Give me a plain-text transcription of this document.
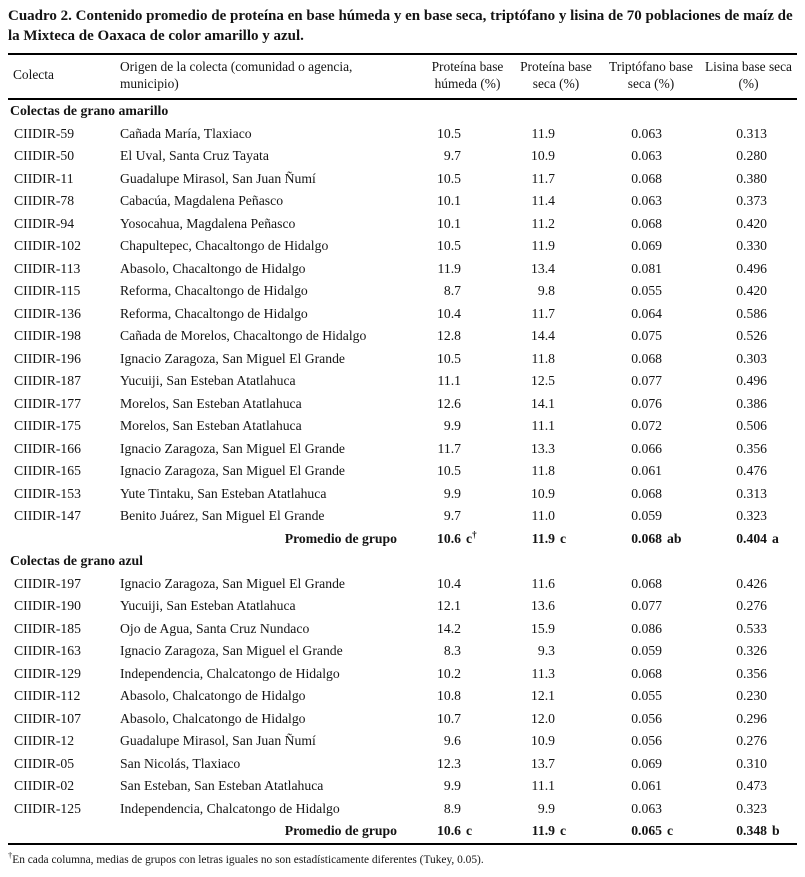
Cuadro 2. Contenido promedio de proteína en base húmeda y en base seca, triptófano y lisina de 70 poblaciones de maíz de la Mixteca de Oaxaca de color amarillo y azul.
Colecta	Origen de la colecta (comunidad o agencia, municipio)	Proteína base húmeda (%)	Proteína base seca (%)	Triptófano base seca (%)	Lisina base seca (%)
Colectas de grano amarillo					
CIIDIR-59	Cañada María, Tlaxiaco	10.5	11.9	0.063	0.313
CIIDIR-50	El Uval, Santa Cruz Tayata	9.7	10.9	0.063	0.280
CIIDIR-11	Guadalupe Mirasol, San Juan Ñumí	10.5	11.7	0.068	0.380
CIIDIR-78	Cabacúa, Magdalena Peñasco	10.1	11.4	0.063	0.373
CIIDIR-94	Yosocahua, Magdalena Peñasco	10.1	11.2	0.068	0.420
CIIDIR-102	Chapultepec, Chacaltongo de Hidalgo	10.5	11.9	0.069	0.330
CIIDIR-113	Abasolo, Chacaltongo de Hidalgo	11.9	13.4	0.081	0.496
CIIDIR-115	Reforma, Chacaltongo de Hidalgo	8.7	9.8	0.055	0.420
CIIDIR-136	Reforma, Chacaltongo de Hidalgo	10.4	11.7	0.064	0.586
CIIDIR-198	Cañada de Morelos, Chacaltongo de Hidalgo	12.8	14.4	0.075	0.526
CIIDIR-196	Ignacio Zaragoza, San Miguel El Grande	10.5	11.8	0.068	0.303
CIIDIR-187	Yucuiji, San Esteban Atatlahuca	11.1	12.5	0.077	0.496
CIIDIR-177	Morelos, San Esteban Atatlahuca	12.6	14.1	0.076	0.386
CIIDIR-175	Morelos, San Esteban Atatlahuca	9.9	11.1	0.072	0.506
CIIDIR-166	Ignacio Zaragoza, San Miguel El Grande	11.7	13.3	0.066	0.356
CIIDIR-165	Ignacio Zaragoza, San Miguel El Grande	10.5	11.8	0.061	0.476
CIIDIR-153	Yute Tintaku, San Esteban Atatlahuca	9.9	10.9	0.068	0.313
CIIDIR-147	Benito Juárez, San Miguel El Grande	9.7	11.0	0.059	0.323
Promedio de grupo		10.6 c†	11.9 c	0.068 ab	0.404 a

Colectas de grano azul					
CIIDIR-197	Ignacio Zaragoza, San Miguel El Grande	10.4	11.6	0.068	0.426
CIIDIR-190	Yucuiji, San Esteban Atatlahuca	12.1	13.6	0.077	0.276
CIIDIR-185	Ojo de Agua, Santa Cruz Nundaco	14.2	15.9	0.086	0.533
CIIDIR-163	Ignacio Zaragoza, San Miguel el Grande	8.3	9.3	0.059	0.326
CIIDIR-129	Independencia, Chalcatongo de Hidalgo	10.2	11.3	0.068	0.356
CIIDIR-112	Abasolo, Chalcatongo de Hidalgo	10.8	12.1	0.055	0.230
CIIDIR-107	Abasolo, Chalcatongo de Hidalgo	10.7	12.0	0.056	0.296
CIIDIR-12	Guadalupe Mirasol, San Juan Ñumí	9.6	10.9	0.056	0.276
CIIDIR-05	San Nicolás, Tlaxiaco	12.3	13.7	0.069	0.310
CIIDIR-02	San Esteban, San Esteban Atatlahuca	9.9	11.1	0.061	0.473
CIIDIR-125	Independencia, Chalcatongo de Hidalgo	8.9	9.9	0.063	0.323
Promedio de grupo		10.6 c	11.9 c	0.065 c	0.348 b
†En cada columna, medias de grupos con letras iguales no son estadísticamente diferentes (Tukey, 0.05).
